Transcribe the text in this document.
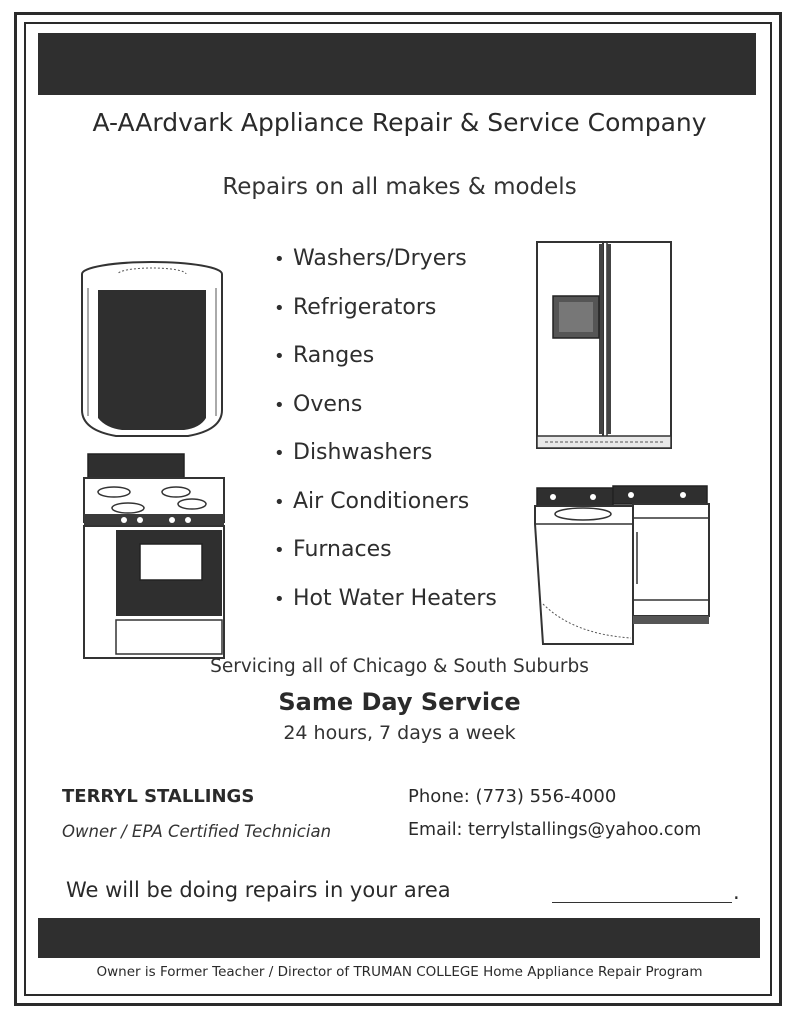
A-AArdvark Appliance Repair & Service Company
Repairs on all makes & models
• Washers/Dryers
• Refrigerators
• Ranges
• Ovens
• Dishwashers
• Air Conditioners
• Furnaces
• Hot Water Heaters
Servicing all of Chicago & South Suburbs
Same Day Service
24 hours, 7 days a week
TERRYL STALLINGS
Owner / EPA Certified Technician
Phone: (773) 556-4000
Email: terrylstallings@yahoo.com
We will be doing repairs in your area	.
Owner is Former Teacher / Director of TRUMAN COLLEGE Home Appliance Repair Program
